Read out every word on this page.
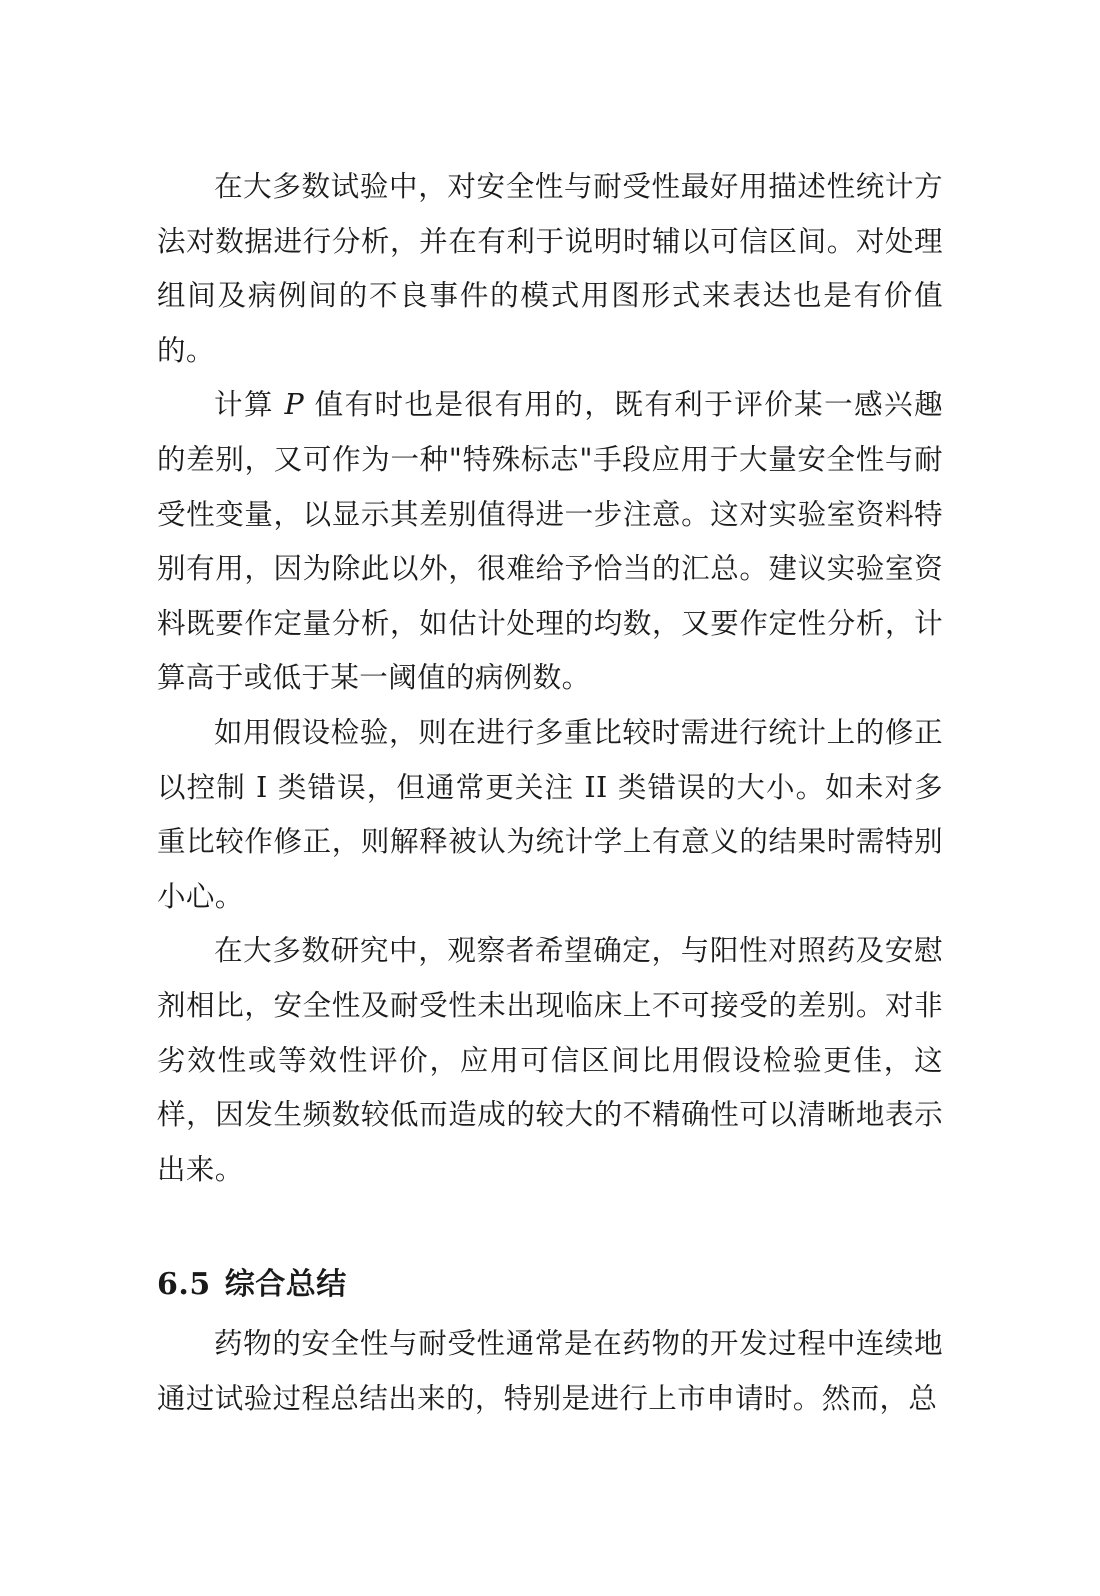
在大多数试验中，对安全性与耐受性最好用描述性统计方法对数据进行分析，并在有利于说明时辅以可信区间。对处理组间及病例间的不良事件的模式用图形式来表达也是有价值的。

计算 P 值有时也是很有用的，既有利于评价某一感兴趣的差别，又可作为一种"特殊标志"手段应用于大量安全性与耐受性变量，以显示其差别值得进一步注意。这对实验室资料特别有用，因为除此以外，很难给予恰当的汇总。建议实验室资料既要作定量分析，如估计处理的均数，又要作定性分析，计算高于或低于某一阈值的病例数。

如用假设检验，则在进行多重比较时需进行统计上的修正以控制 I 类错误，但通常更关注 II 类错误的大小。如未对多重比较作修正，则解释被认为统计学上有意义的结果时需特别小心。

在大多数研究中，观察者希望确定，与阳性对照药及安慰剂相比，安全性及耐受性未出现临床上不可接受的差别。对非劣效性或等效性评价，应用可信区间比用假设检验更佳，这样，因发生频数较低而造成的较大的不精确性可以清晰地表示出来。

6.5 综合总结

药物的安全性与耐受性通常是在药物的开发过程中连续地通过试验过程总结出来的，特别是进行上市申请时。然而，总
